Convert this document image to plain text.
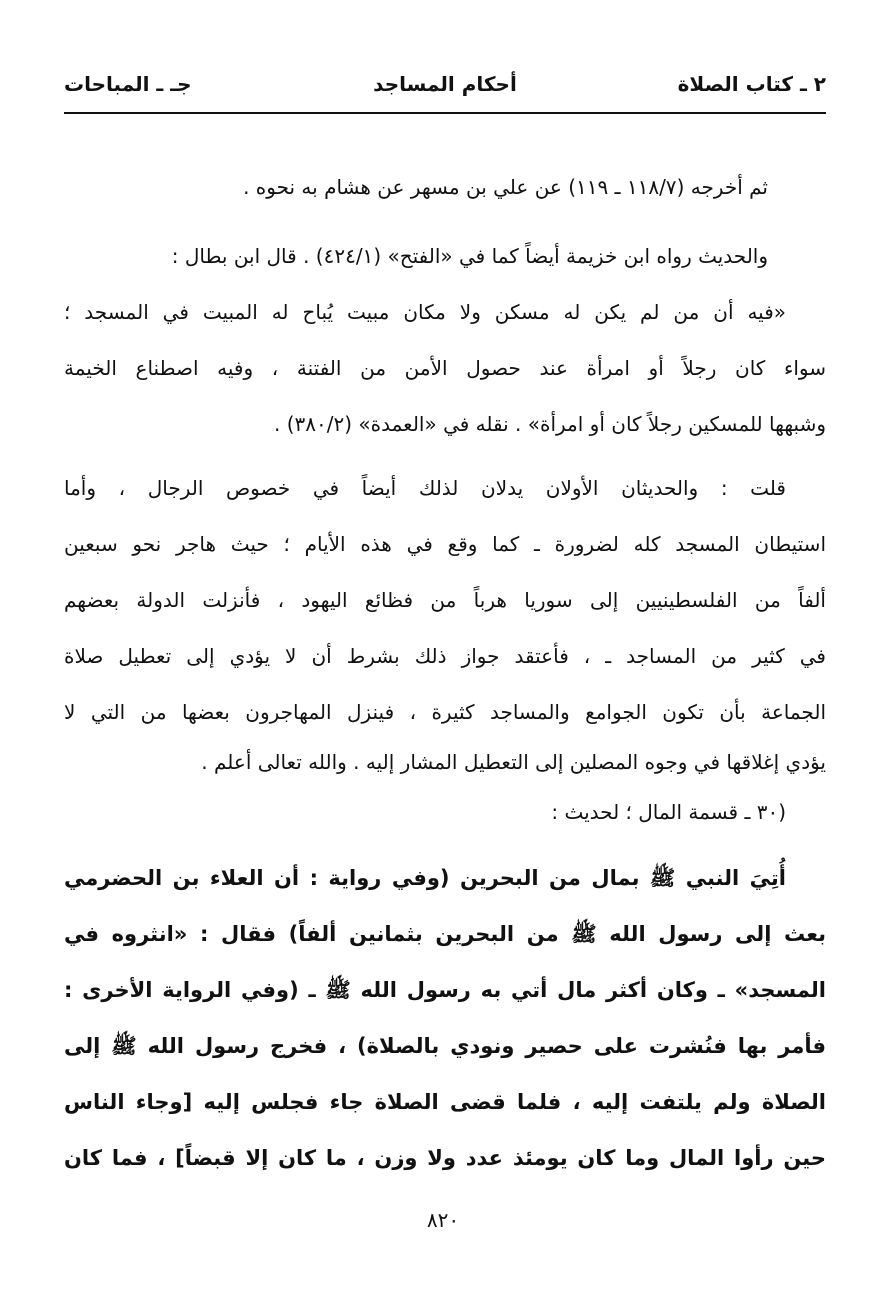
٢ ـ كتاب الصلاة
أحكام المساجد
جـ ـ المباحات
ثم أخرجه (١١٨/٧ ـ ١١٩) عن علي بن مسهر عن هشام به نحوه .
والحديث رواه ابن خزيمة أيضاً كما في «الفتح» (٤٢٤/١) . قال ابن بطال :
«فيه أن من لم يكن له مسكن ولا مكان مبيت يُباح له المبيت في المسجد ؛
سواء كان رجلاً أو امرأة عند حصول الأمن من الفتنة ، وفيه اصطناع الخيمة
وشبهها للمسكين رجلاً كان أو امرأة» . نقله في «العمدة» (٣٨٠/٢) .
قلت : والحديثان الأولان يدلان لذلك أيضاً في خصوص الرجال ، وأما
استيطان المسجد كله لضرورة ـ كما وقع في هذه الأيام ؛ حيث هاجر نحو سبعين
ألفاً من الفلسطينيين إلى سوريا هرباً من فظائع اليهود ، فأنزلت الدولة بعضهم
في كثير من المساجد ـ ، فأعتقد جواز ذلك بشرط أن لا يؤدي إلى تعطيل صلاة
الجماعة بأن تكون الجوامع والمساجد كثيرة ، فينزل المهاجرون بعضها من التي لا
يؤدي إغلاقها في وجوه المصلين إلى التعطيل المشار إليه . والله تعالى أعلم .
(٣٠ ـ قسمة المال ؛ لحديث :
أُتِيَ النبي ﷺ بمال من البحرين (وفي رواية : أن العلاء بن الحضرمي
بعث إلى رسول الله ﷺ من البحرين بثمانين ألفاً) فقال : «انثروه في
المسجد» ـ وكان أكثر مال أتي به رسول الله ﷺ ـ (وفي الرواية الأخرى :
فأمر بها فنُشرت على حصير ونودي بالصلاة) ، فخرج رسول الله ﷺ إلى
الصلاة ولم يلتفت إليه ، فلما قضى الصلاة جاء فجلس إليه [وجاء الناس
حين رأوا المال وما كان يومئذ عدد ولا وزن ، ما كان إلا قبضاً] ، فما كان
٨٢٠
